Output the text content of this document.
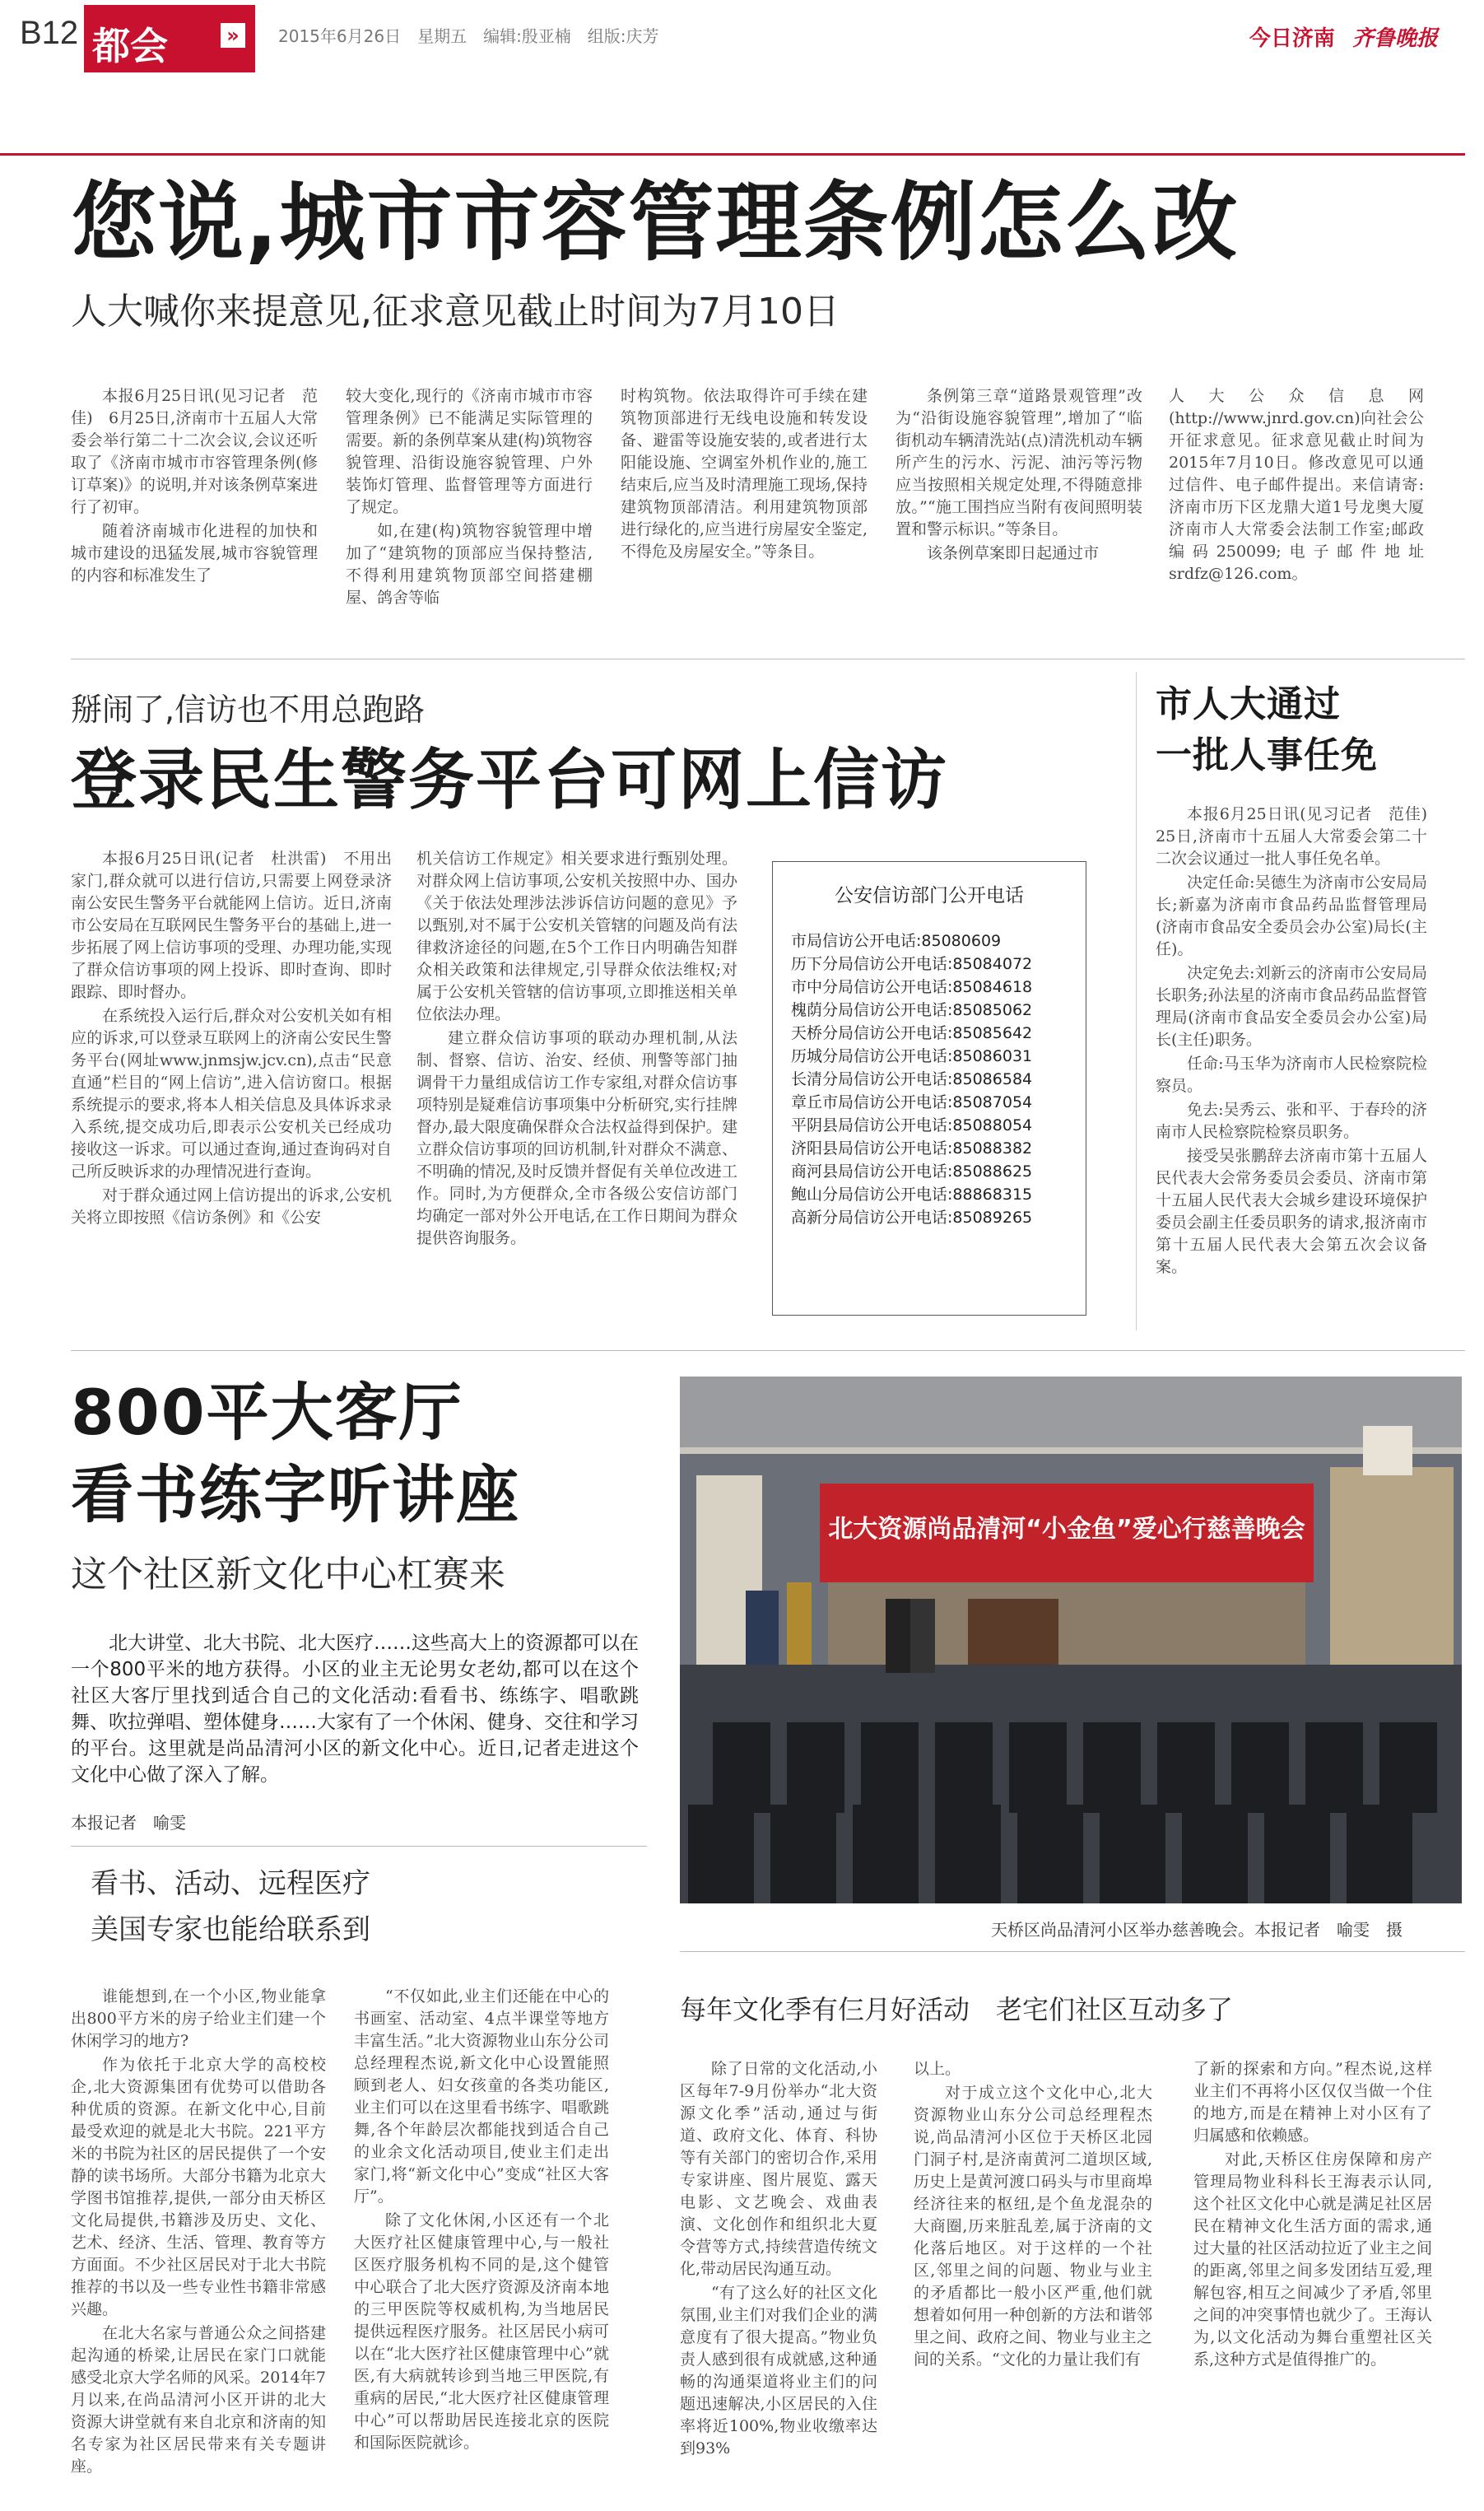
B12 都会	»	2015年6月26日　星期五　编辑:殷亚楠　组版:庆芳	今日济南 齐鲁晚报
您说,城市市容管理条例怎么改
人大喊你来提意见,征求意见截止时间为7月10日

本报6月25日讯(见习记者　范佳)　6月25日,济南市十五届人大常委会举行第二十二次会议,会议还听取了《济南市城市市容管理条例(修订草案)》的说明,并对该条例草案进行了初审。

随着济南城市化进程的加快和城市建设的迅猛发展,城市容貌管理的内容和标准发生了

较大变化,现行的《济南市城市市容管理条例》已不能满足实际管理的需要。新的条例草案从建(构)筑物容貌管理、沿街设施容貌管理、户外装饰灯管理、监督管理等方面进行了规定。

如,在建(构)筑物容貌管理中增加了“建筑物的顶部应当保持整洁,不得利用建筑物顶部空间搭建棚屋、鸽舍等临

时构筑物。依法取得许可手续在建筑物顶部进行无线电设施和转发设备、避雷等设施安装的,或者进行太阳能设施、空调室外机作业的,施工结束后,应当及时清理施工现场,保持建筑物顶部清洁。利用建筑物顶部进行绿化的,应当进行房屋安全鉴定,不得危及房屋安全。”等条目。

条例第三章“道路景观管理”改为“沿街设施容貌管理”,增加了“临街机动车辆清洗站(点)清洗机动车辆所产生的污水、污泥、油污等污物应当按照相关规定处理,不得随意排放。”“施工围挡应当附有夜间照明装置和警示标识。”等条目。

该条例草案即日起通过市

人大公众信息网(http://www.jnrd.gov.cn)向社会公开征求意见。征求意见截止时间为2015年7月10日。修改意见可以通过信件、电子邮件提出。来信请寄:济南市历下区龙鼎大道1号龙奥大厦济南市人大常委会法制工作室;邮政编码250099;电子邮件地址srdfz@126.com。

掰闹了,信访也不用总跑路
登录民生警务平台可网上信访

本报6月25日讯(记者　杜洪雷)　不用出家门,群众就可以进行信访,只需要上网登录济南公安民生警务平台就能网上信访。近日,济南市公安局在互联网民生警务平台的基础上,进一步拓展了网上信访事项的受理、办理功能,实现了群众信访事项的网上投诉、即时查询、即时跟踪、即时督办。

在系统投入运行后,群众对公安机关如有相应的诉求,可以登录互联网上的济南公安民生警务平台(网址www.jnmsjw.jcv.cn),点击“民意直通”栏目的“网上信访”,进入信访窗口。根据系统提示的要求,将本人相关信息及具体诉求录入系统,提交成功后,即表示公安机关已经成功接收这一诉求。可以通过查询,通过查询码对自己所反映诉求的办理情况进行查询。

对于群众通过网上信访提出的诉求,公安机关将立即按照《信访条例》和《公安

机关信访工作规定》相关要求进行甄别处理。对群众网上信访事项,公安机关按照中办、国办《关于依法处理涉法涉诉信访问题的意见》予以甄别,对不属于公安机关管辖的问题及尚有法律救济途径的问题,在5个工作日内明确告知群众相关政策和法律规定,引导群众依法维权;对属于公安机关管辖的信访事项,立即推送相关单位依法办理。

建立群众信访事项的联动办理机制,从法制、督察、信访、治安、经侦、刑警等部门抽调骨干力量组成信访工作专家组,对群众信访事项特别是疑难信访事项集中分析研究,实行挂牌督办,最大限度确保群众合法权益得到保护。建立群众信访事项的回访机制,针对群众不满意、不明确的情况,及时反馈并督促有关单位改进工作。同时,为方便群众,全市各级公安信访部门均确定一部对外公开电话,在工作日期间为群众提供咨询服务。

公安信访部门公开电话
市局信访公开电话:85080609
历下分局信访公开电话:85084072
市中分局信访公开电话:85084618
槐荫分局信访公开电话:85085062
天桥分局信访公开电话:85085642
历城分局信访公开电话:85086031
长清分局信访公开电话:85086584
章丘市局信访公开电话:85087054
平阴县局信访公开电话:85088054
济阳县局信访公开电话:85088382
商河县局信访公开电话:85088625
鲍山分局信访公开电话:88868315
高新分局信访公开电话:85089265
市人大通过
一批人事任免

本报6月25日讯(见习记者　范佳)　25日,济南市十五届人大常委会第二十二次会议通过一批人事任免名单。

决定任命:吴德生为济南市公安局局长;新嘉为济南市食品药品监督管理局(济南市食品安全委员会办公室)局长(主任)。

决定免去:刘新云的济南市公安局局长职务;孙法星的济南市食品药品监督管理局(济南市食品安全委员会办公室)局长(主任)职务。

任命:马玉华为济南市人民检察院检察员。

免去:吴秀云、张和平、于春玲的济南市人民检察院检察员职务。

接受吴张鹏辞去济南市第十五届人民代表大会常务委员会委员、济南市第十五届人民代表大会城乡建设环境保护委员会副主任委员职务的请求,报济南市第十五届人民代表大会第五次会议备案。

800平大客厅
看书练字听讲座
这个社区新文化中心杠赛来
北大讲堂、北大书院、北大医疗……这些高大上的资源都可以在一个800平米的地方获得。小区的业主无论男女老幼,都可以在这个社区大客厅里找到适合自己的文化活动:看看书、练练字、唱歌跳舞、吹拉弹唱、塑体健身……大家有了一个休闲、健身、交往和学习的平台。这里就是尚品清河小区的新文化中心。近日,记者走进这个文化中心做了深入了解。
本报记者　喻雯
看书、活动、远程医疗
美国专家也能给联系到
北大资源尚品清河“小金鱼”爱心行慈善晚会
天桥区尚品清河小区举办慈善晚会。本报记者　喻雯　摄
每年文化季有仨月好活动　老宅们社区互动多了

谁能想到,在一个小区,物业能拿出800平方米的房子给业主们建一个休闲学习的地方?

作为依托于北京大学的高校校企,北大资源集团有优势可以借助各种优质的资源。在新文化中心,目前最受欢迎的就是北大书院。221平方米的书院为社区的居民提供了一个安静的读书场所。大部分书籍为北京大学图书馆推荐,提供,一部分由天桥区文化局提供,书籍涉及历史、文化、艺术、经济、生活、管理、教育等方方面面。不少社区居民对于北大书院推荐的书以及一些专业性书籍非常感兴趣。

在北大名家与普通公众之间搭建起沟通的桥梁,让居民在家门口就能感受北京大学名师的风采。2014年7月以来,在尚品清河小区开讲的北大资源大讲堂就有来自北京和济南的知名专家为社区居民带来有关专题讲座。

“不仅如此,业主们还能在中心的书画室、活动室、4点半课堂等地方丰富生活。”北大资源物业山东分公司总经理程杰说,新文化中心设置能照顾到老人、妇女孩童的各类功能区,业主们可以在这里看书练字、唱歌跳舞,各个年龄层次都能找到适合自己的业余文化活动项目,使业主们走出家门,将“新文化中心”变成“社区大客厅”。

除了文化休闲,小区还有一个北大医疗社区健康管理中心,与一般社区医疗服务机构不同的是,这个健管中心联合了北大医疗资源及济南本地的三甲医院等权威机构,为当地居民提供远程医疗服务。社区居民小病可以在“北大医疗社区健康管理中心”就医,有大病就转诊到当地三甲医院,有重病的居民,“北大医疗社区健康管理中心”可以帮助居民连接北京的医院和国际医院就诊。

除了日常的文化活动,小区每年7-9月份举办“北大资源文化季”活动,通过与街道、政府文化、体育、科协等有关部门的密切合作,采用专家讲座、图片展览、露天电影、文艺晚会、戏曲表演、文化创作和组织北大夏令营等方式,持续营造传统文化,带动居民沟通互动。

“有了这么好的社区文化氛围,业主们对我们企业的满意度有了很大提高。”物业负责人感到很有成就感,这种通畅的沟通渠道将业主们的问题迅速解决,小区居民的入住率将近100%,物业收缴率达到93%

以上。

对于成立这个文化中心,北大资源物业山东分公司总经理程杰说,尚品清河小区位于天桥区北园门洞子村,是济南黄河二道坝区域,历史上是黄河渡口码头与市里商埠经济往来的枢纽,是个鱼龙混杂的大商圈,历来脏乱差,属于济南的文化落后地区。对于这样的一个社区,邻里之间的问题、物业与业主的矛盾都比一般小区严重,他们就想着如何用一种创新的方法和谐邻里之间、政府之间、物业与业主之间的关系。“文化的力量让我们有

了新的探索和方向。”程杰说,这样业主们不再将小区仅仅当做一个住的地方,而是在精神上对小区有了归属感和依赖感。

对此,天桥区住房保障和房产管理局物业科科长王海表示认同,这个社区文化中心就是满足社区居民在精神文化生活方面的需求,通过大量的社区活动拉近了业主之间的距离,邻里之间多发团结互爱,理解包容,相互之间减少了矛盾,邻里之间的冲突事情也就少了。王海认为,以文化活动为舞台重塑社区关系,这种方式是值得推广的。
